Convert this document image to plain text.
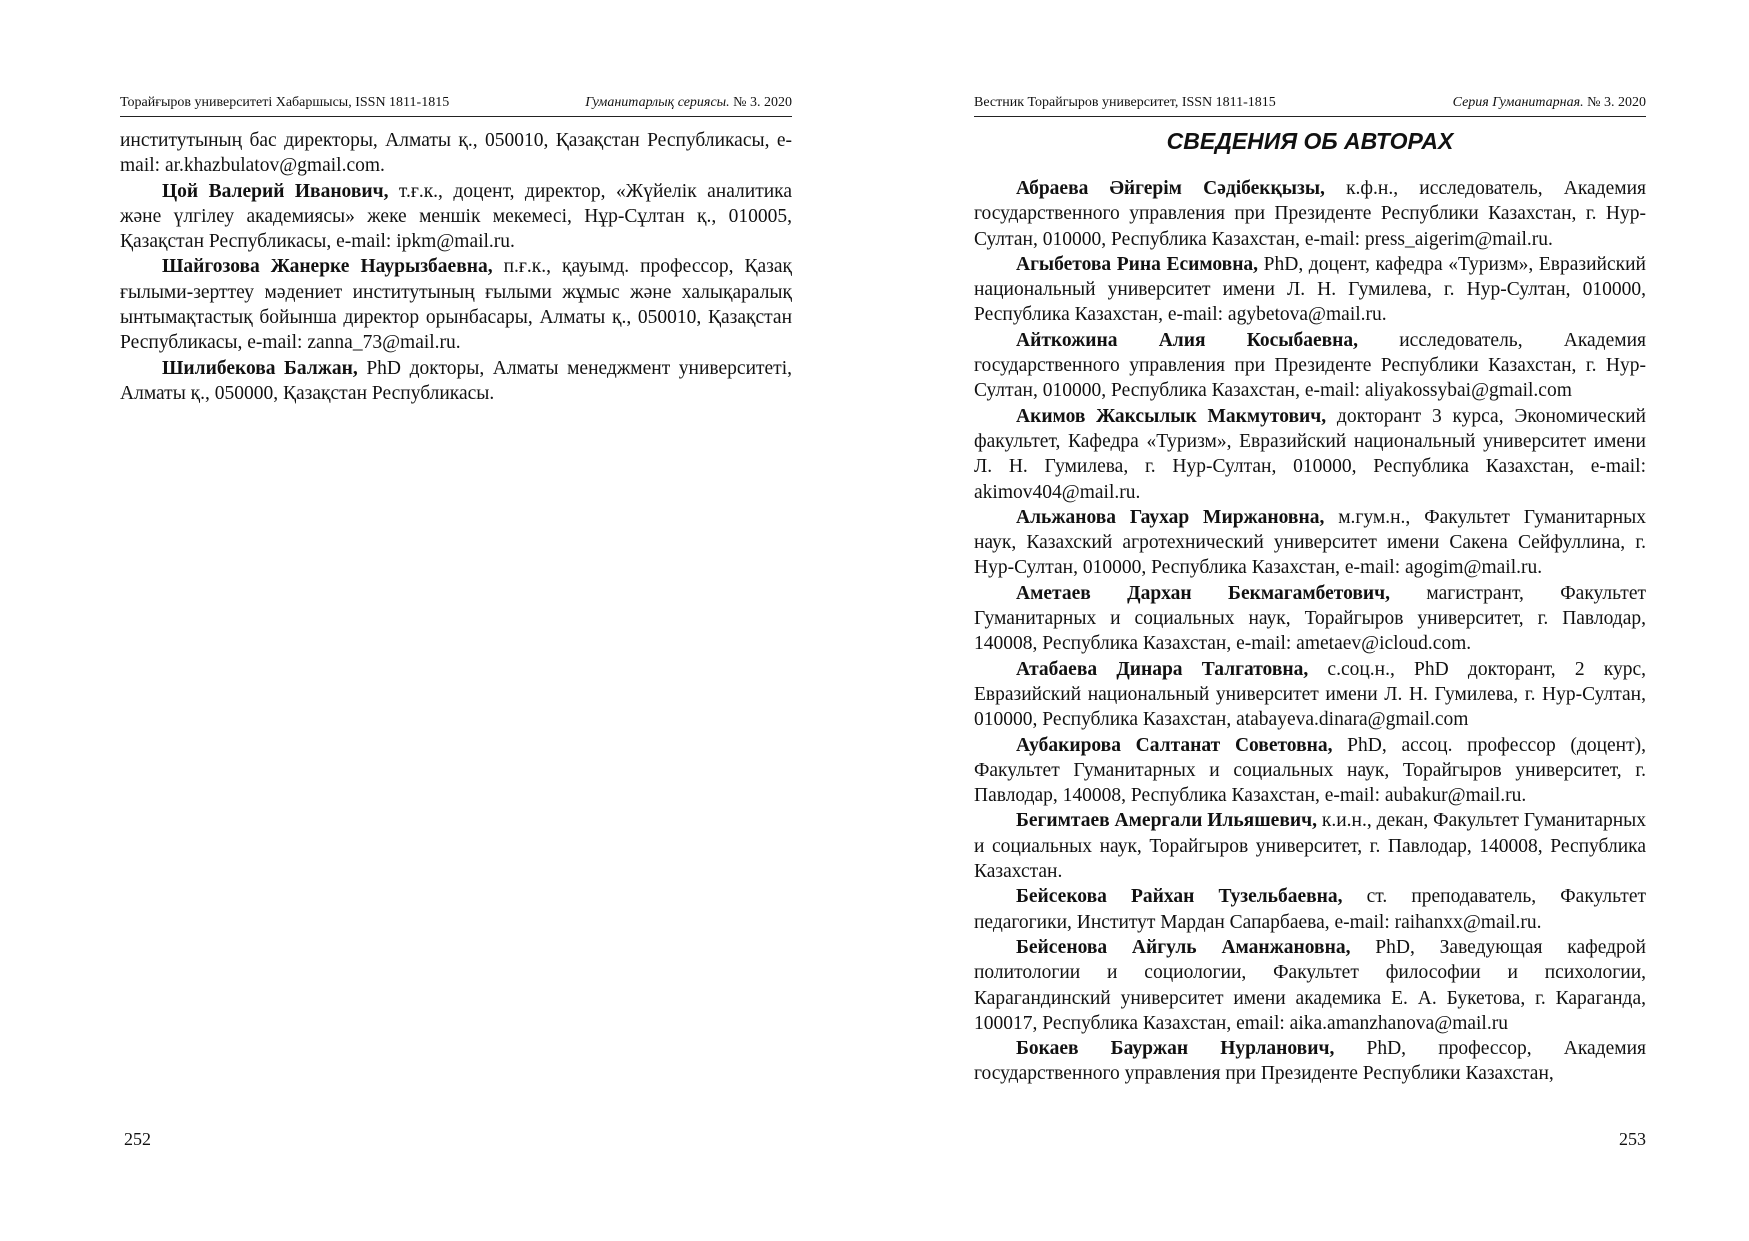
Торайғыров университеті Хабаршысы, ISSN 1811-1815	Гуманитарлық сериясы. № 3. 2020

институтының бас директоры, Алматы қ., 050010, Қазақстан Республикасы, e-mail: ar.khazbulatov@gmail.com.

Цой Валерий Иванович, т.ғ.к., доцент, директор, «Жүйелік аналитика және үлгілеу академиясы» жеке меншік мекемесі, Нұр-Сұлтан қ., 010005, Қазақстан Республикасы, e-mail: ipkm@mail.ru.

Шайгозова Жанерке Наурызбаевна, п.ғ.к., қауымд. профессор, Қазақ ғылыми-зерттеу мәдениет институтының ғылыми жұмыс және халықаралық ынтымақтастық бойынша директор орынбасары, Алматы қ., 050010, Қазақстан Республикасы, e-mail: zanna_73@mail.ru.

Шилибекова Балжан, PhD докторы, Алматы менеджмент университеті, Алматы қ., 050000, Қазақстан Республикасы.

252
Вестник Торайгыров университет, ISSN 1811-1815	Серия Гуманитарная. № 3. 2020
СВЕДЕНИЯ ОБ АВТОРАХ

Абраева Әйгерім Сәдібекқызы, к.ф.н., исследователь, Академия государственного управления при Президенте Республики Казахстан, г. Нур-Султан, 010000, Республика Казахстан, e-mail: press_aigerim@mail.ru.

Агыбетова Рина Есимовна, PhD, доцент, кафедра «Туризм», Евразийский национальный университет имени Л. Н. Гумилева, г. Нур-Султан, 010000, Республика Казахстан, e-mail: agybetova@mail.ru.

Айткожина Алия Косыбаевна, исследователь, Академия государственного управления при Президенте Республики Казахстан, г. Нур-Султан, 010000, Республика Казахстан, e-mail: aliyakossybai@gmail.com

Акимов Жаксылык Макмутович, докторант 3 курса, Экономический факультет, Кафедра «Туризм», Евразийский национальный университет имени Л. Н. Гумилева, г. Нур-Султан, 010000, Республика Казахстан, e-mail: akimov404@mail.ru.

Альжанова Гаухар Миржановна, м.гум.н., Факультет Гуманитарных наук, Казахский агротехнический университет имени Сакена Сейфуллина, г. Нур-Султан, 010000, Республика Казахстан, e-mail: agogim@mail.ru.

Аметаев Дархан Бекмагамбетович, магистрант, Факультет Гуманитарных и социальных наук, Торайгыров университет, г. Павлодар, 140008, Республика Казахстан, e-mail: ametaev@icloud.com.

Атабаева Динара Талгатовна, с.соц.н., PhD докторант, 2 курс, Евразийский национальный университет имени Л. Н. Гумилева, г. Нур-Султан, 010000, Республика Казахстан, atabayeva.dinara@gmail.com

Аубакирова Салтанат Советовна, PhD, ассоц. профессор (доцент), Факультет Гуманитарных и социальных наук, Торайгыров университет, г. Павлодар, 140008, Республика Казахстан, e-mail: aubakur@mail.ru.

Бегимтаев Амергали Ильяшевич, к.и.н., декан, Факультет Гуманитарных и социальных наук, Торайгыров университет, г. Павлодар, 140008, Республика Казахстан.

Бейсекова Райхан Тузельбаевна, ст. преподаватель, Факультет педагогики, Институт Мардан Сапарбаева, e-mail: raihanxx@mail.ru.

Бейсенова Айгуль Аманжановна, PhD, Заведующая кафедрой политологии и социологии, Факультет философии и психологии, Карагандинский университет имени академика Е. А. Букетова, г. Караганда, 100017, Республика Казахстан, email: aika.amanzhanova@mail.ru

Бокаев Бауржан Нурланович, PhD, профессор, Академия государственного управления при Президенте Республики Казахстан,

253
